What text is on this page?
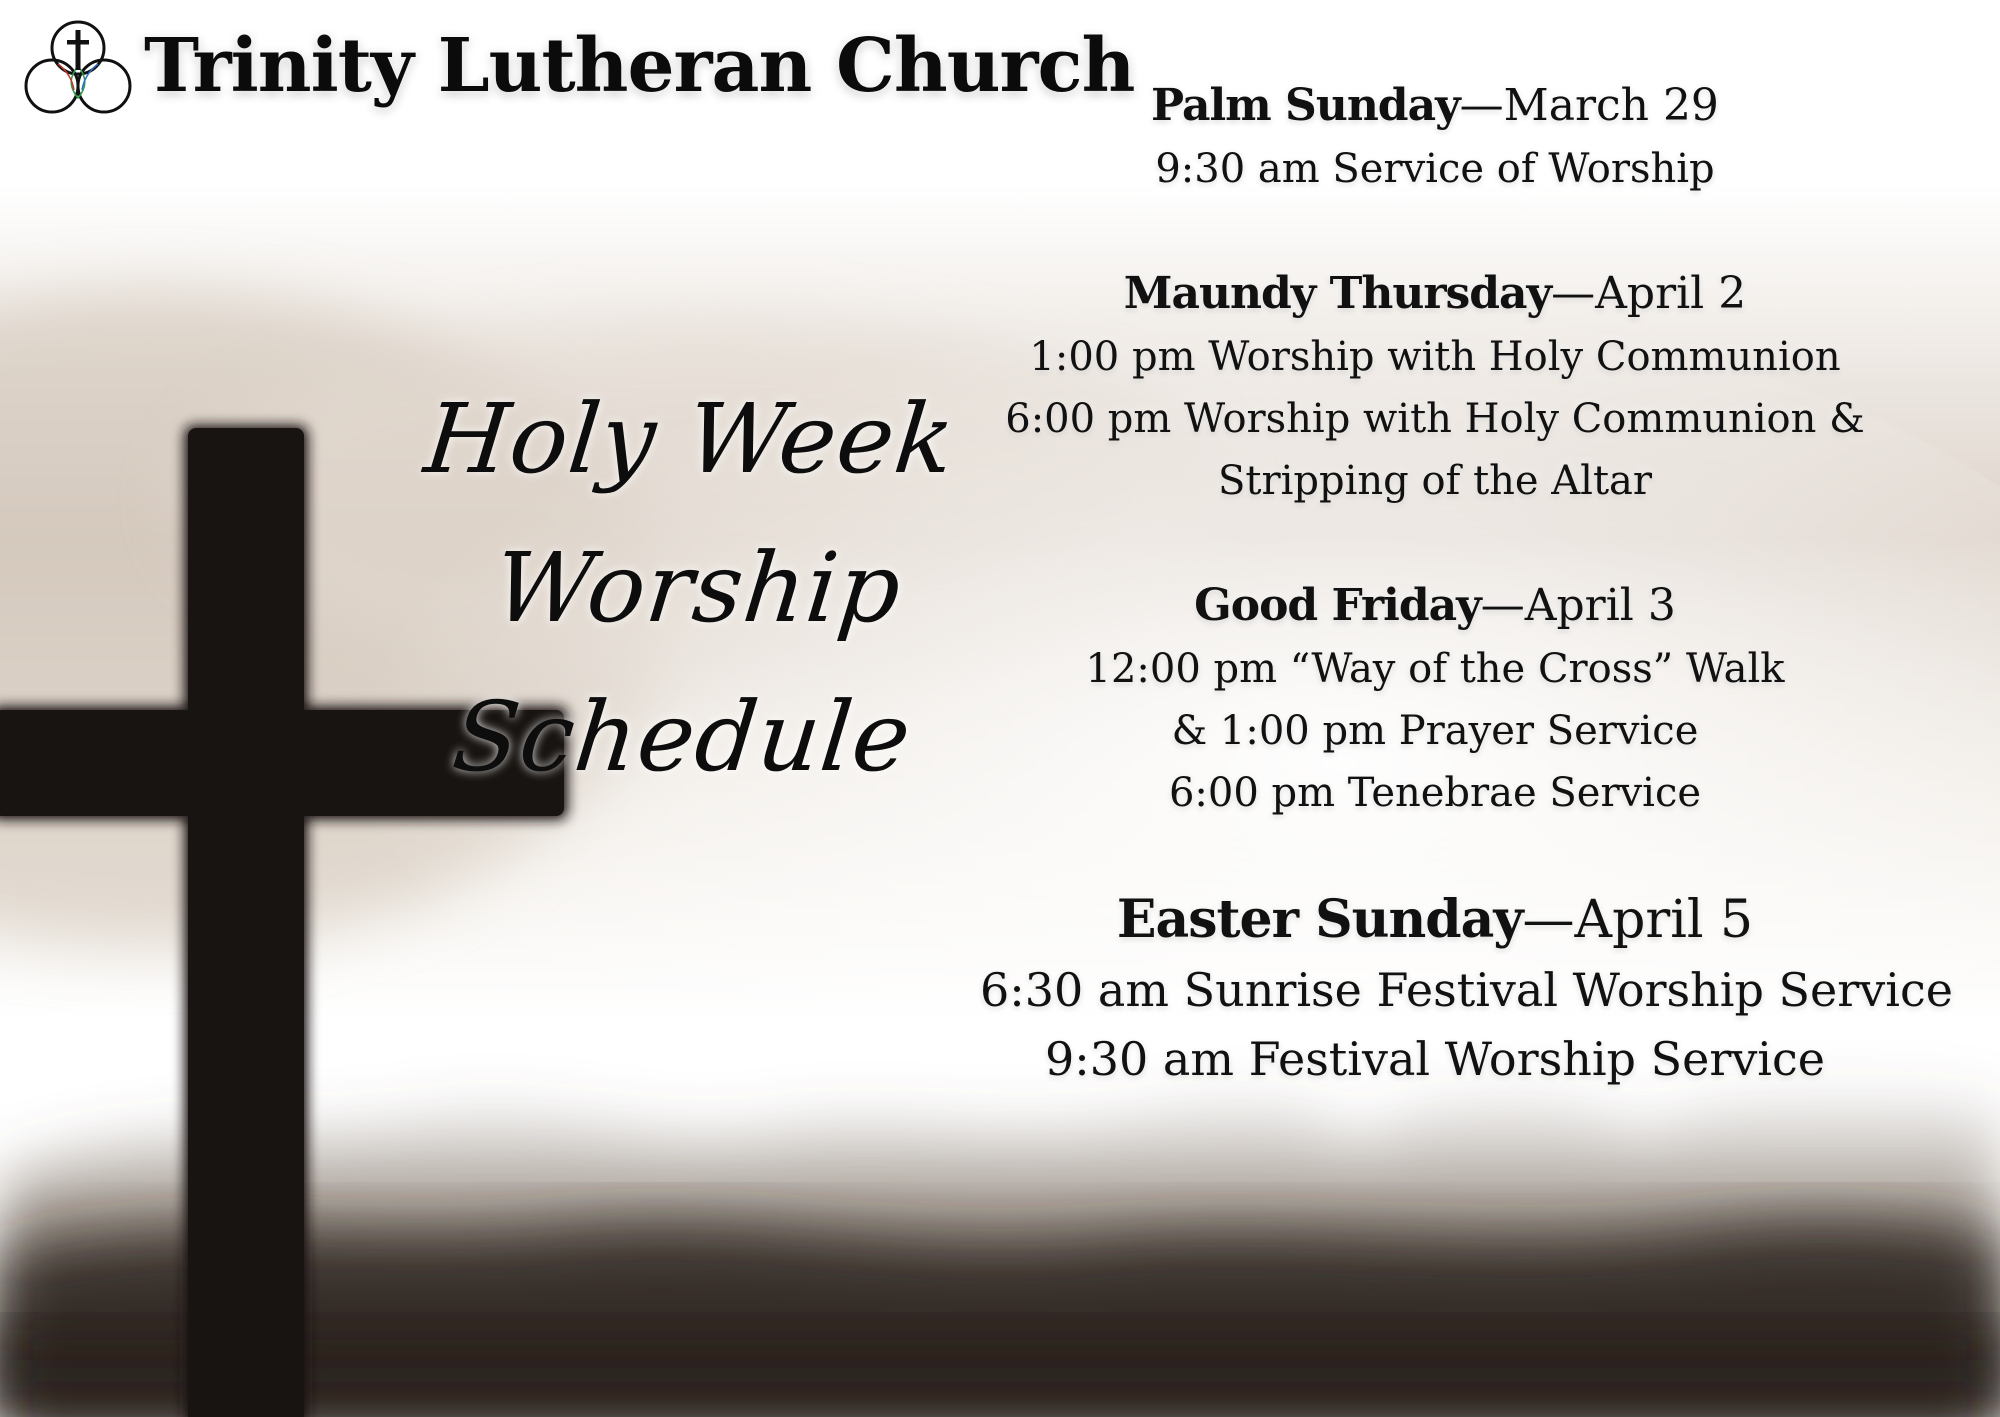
Trinity Lutheran Church
Holy Week
Worship Schedule
Palm Sunday—March 29
9:30 am Service of Worship
Maundy Thursday—April 2
1:00 pm Worship with Holy Communion
6:00 pm Worship with Holy Communion &
Stripping of the Altar
Good Friday—April 3
12:00 pm “Way of the Cross” Walk
& 1:00 pm Prayer Service
6:00 pm Tenebrae Service
Easter Sunday—April 5
6:30 am Sunrise Festival Worship Service
9:30 am Festival Worship Service
